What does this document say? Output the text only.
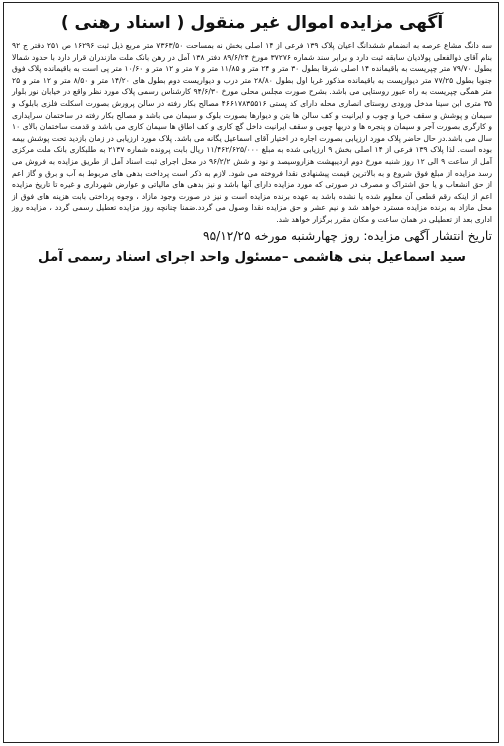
آگهی مزایده اموال غیر منقول ( اسناد رهنی )

سه دانگ مشاع عرصه به انضمام ششدانگ اعیان پلاک ۱۳۹ فرعی از ۱۴ اصلی بخش نه بمساحت ۷۳۶۳/۵۰ متر مربع ذیل ثبت ۱۶۲۹۶ ص ۲۵۱ دفتر ج ۹۲ بنام آقای ذوالفعلی پولادیان سابقه ثبت دارد و برابر سند شماره ۳۷۲۷۶ مورخ ۸۹/۶/۲۴ دفتر ۱۳۸ آمل در رهن بانک ملت مازندران قرار دارد با حدود شمالا بطول ۷۹/۷۰ متر چپریست به باقیمانده ۱۴ اصلی شرقا بطول ۳۰ متر و ۲۴ متر و ۱۱/۸۵ متر و ۷ متر و ۱۲ متر و ۱۰/۶۰ متر پی است به باقیمانده پلاک فوق جنوبا بطول ۷۷/۲۵ متر دیواریست به باقیمانده مذکور غربا اول بطول ۲۸/۸۰ متر درب و دیواریست دوم بطول های ۱۴/۲۰ متر و ۸/۵۰ متر و ۱۲ متر و ۲۵ متر همگی چپریست به راه عبور روستایی می باشد. بشرح صورت مجلس محلی مورخ ۹۴/۶/۳۰ کارشناس رسمی پلاک مورد نظر واقع در خیابان نور بلوار ۳۵ متری ابن سینا مدخل ورودی روستای انصاری محله دارای کد پستی ۴۶۶۱۷۸۳۵۵۱۶ مصالح بکار رفته در سالن پرورش بصورت اسکلت فلزی بابلوک و سیمان و پوشش و سقف خرپا و چوب و ایرانیت و کف سالن ها بتن و دیوارها بصورت بلوک و سیمان می باشد و مصالح بکار رفته در ساختمان سرایداری و کارگری بصورت آجر و سیمان و پنجره ها و دربها چوبی و سقف ایرانیت داخل گچ کاری و کف اطاق ها سیمان کاری می باشد و قدمت ساختمان بالای ۱۰ سال می باشد.در حال حاضر پلاک مورد ارزیابی بصورت اجاره در اختیار آقای اسماعیل یگانه می باشد. پلاک مورد ارزیابی در زمان بازدید تحت پوشش بیمه بوده است. لذا پلاک ۱۳۹ فرعی از ۱۴ اصلی بخش ۹ ارزیابی شده به مبلغ ۱۱/۴۶۲/۶۲۵/۰۰۰ ریال بابت پرونده شماره ۲۱۳۷ به طلبکاری بانک ملت مرکزی آمل از ساعت ۹ الی ۱۲ روز شنبه مورخ دوم اردیبهشت هزاروسیصد و نود و شش ۹۶/۲/۲ در محل اجرای ثبت اسناد آمل از طریق مزایده به فروش می رسد مزایده از مبلغ فوق شروع و به بالاترین قیمت پیشنهادی نقدا فروخته می شود. لازم به ذکر است پرداخت بدهی های مربوط به آب و برق و گاز اعم از حق انشعاب و یا حق اشتراک و مصرف در صورتی که مورد مزایده دارای آنها باشد و نیز بدهی های مالیاتی و عوارض شهرداری و غیره تا تاریخ مزایده اعم از اینکه رقم قطعی آن معلوم شده یا نشده باشد به عهده برنده مزایده است و نیز در صورت وجود مازاد ، وجوه پرداختی بابت هزینه های فوق از محل مازاد به برنده مزایده مسترد خواهد شد و نیم عشر و حق مزایده نقدا وصول می گردد.ضمنا چنانچه روز مزایده تعطیل رسمی گردد ، مزایده روز اداری بعد از تعطیلی در همان ساعت و مکان مقرر برگزار خواهد شد.

تاریخ انتشار آگهی مزایده: روز چهارشنبه مورخه ۹۵/۱۲/۲۵
سید اسماعیل بنی هاشمی –مسئول واحد اجرای اسناد رسمی آمل
